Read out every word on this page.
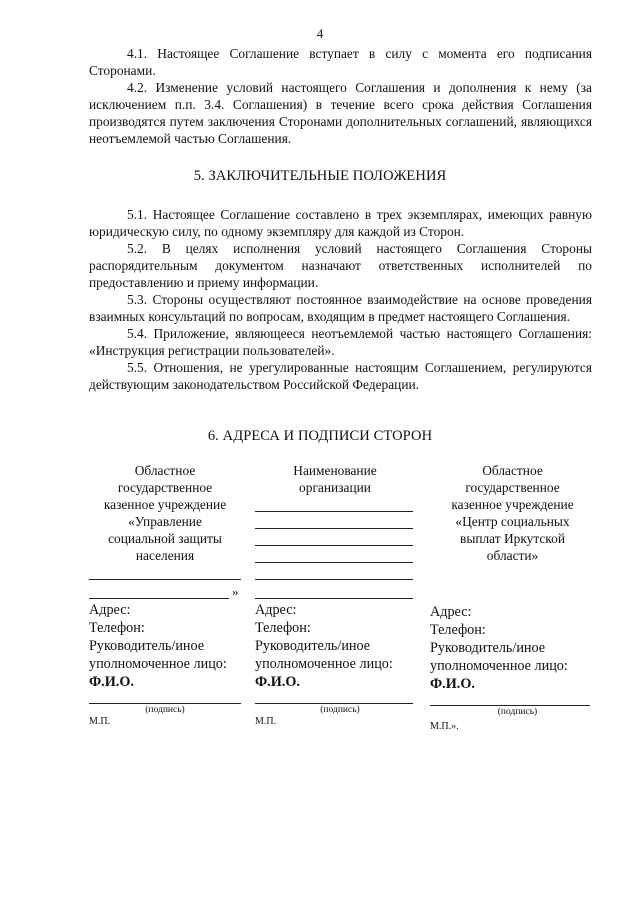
4

4.1. Настоящее Соглашение вступает в силу с момента его подписания Сторонами.

4.2. Изменение условий настоящего Соглашения и дополнения к нему (за исключением п.п. 3.4. Соглашения) в течение всего срока действия Соглашения производятся путем заключения Сторонами дополнительных соглашений, являющихся неотъемлемой частью Соглашения.

5. ЗАКЛЮЧИТЕЛЬНЫЕ ПОЛОЖЕНИЯ

5.1. Настоящее Соглашение составлено в трех экземплярах, имеющих равную юридическую силу, по одному экземпляру для каждой из Сторон.

5.2. В целях исполнения условий настоящего Соглашения Стороны распорядительным документом назначают ответственных исполнителей по предоставлению и приему информации.

5.3. Стороны осуществляют постоянное взаимодействие на основе проведения взаимных консультаций по вопросам, входящим в предмет настоящего Соглашения.

5.4. Приложение, являющееся неотъемлемой частью настоящего Соглашения: «Инструкция регистрации пользователей».

5.5. Отношения, не урегулированные настоящим Соглашением, регулируются действующим законодательством Российской Федерации.

6. АДРЕСА И ПОДПИСИ СТОРОН
Областное
государственное
казенное учреждение
«Управление
социальной защиты
населения
»
Адрес:
Телефон:
Руководитель/иное
уполномоченное лицо:
Ф.И.О.
(подпись)
М.П.
Наименование
организации
Адрес:
Телефон:
Руководитель/иное
уполномоченное лицо:
Ф.И.О.
(подпись)
М.П.
Областное
государственное
казенное учреждение
«Центр социальных
выплат Иркутской
области»
Адрес:
Телефон:
Руководитель/иное
уполномоченное лицо:
Ф.И.О.
(подпись)
М.П.».
